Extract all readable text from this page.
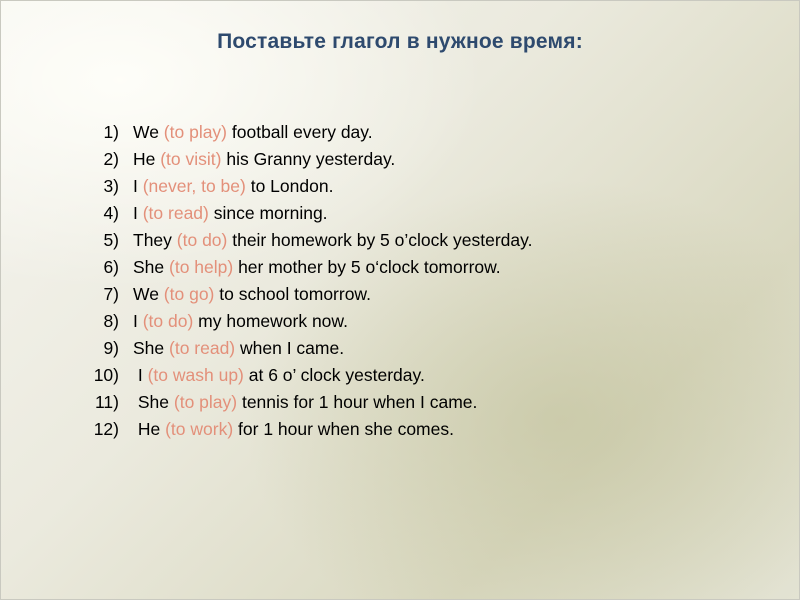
Поставьте глагол в нужное время:
1) We (to play) football every day.
2) He (to visit) his Granny yesterday.
3) I (never, to be) to London.
4) I (to read) since morning.
5) They (to do) their homework by 5 o’clock yesterday.
6) She (to help) her mother by 5 o‘clock tomorrow.
7) We (to go) to school tomorrow.
8) I (to do) my homework now.
9) She (to read) when I came.
10) I (to wash up) at 6 o’ clock yesterday.
11) She (to play) tennis for 1 hour when I came.
12) He (to work) for 1 hour when she comes.
